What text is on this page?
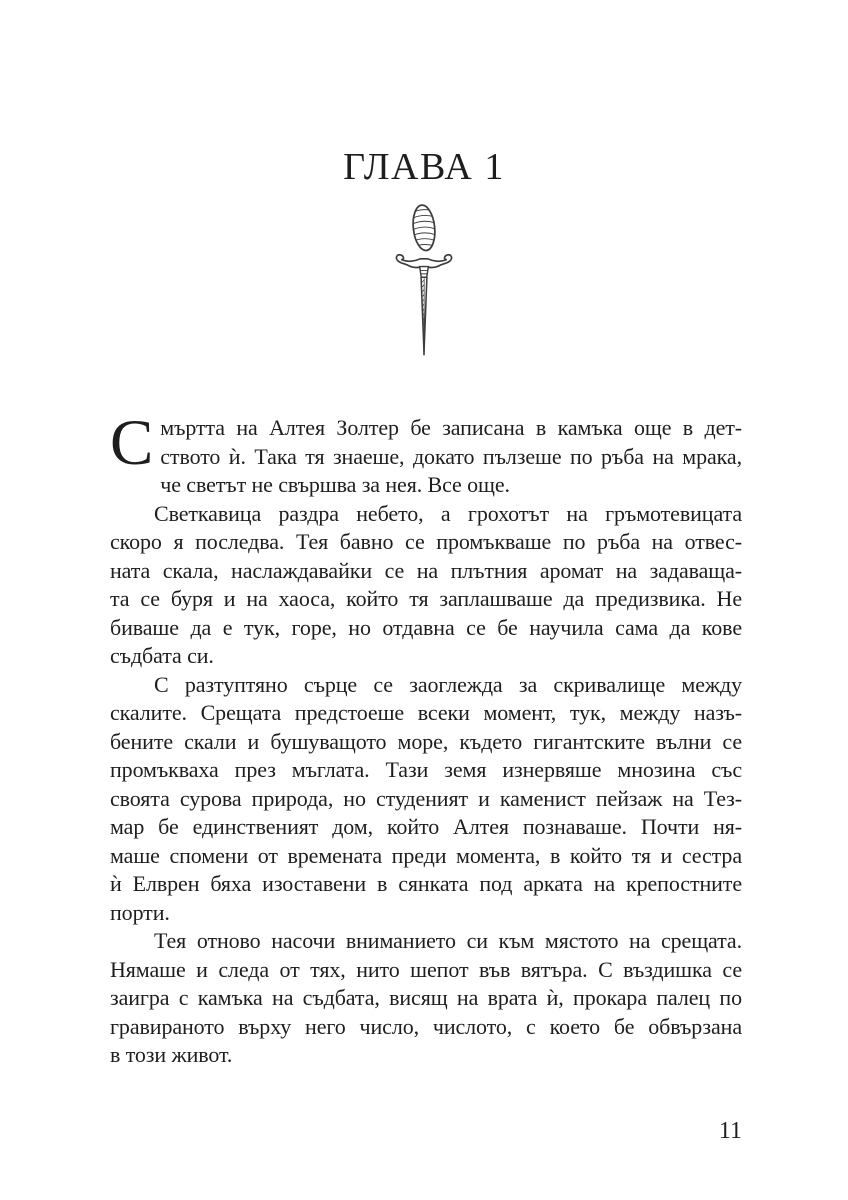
ГЛАВА 1
С мъртта на Алтея Золтер бе записана в камъка още в дет-
ството ѝ. Така тя знаеше, докато пълзеше по ръба на мрака,
че светът не свършва за нея. Все още.
Светкавица раздра небето, а грохотът на гръмотевицата
скоро я последва. Тея бавно се промъкваше по ръба на отвес-
ната скала, наслаждавайки се на плътния аромат на задаваща-
та се буря и на хаоса, който тя заплашваше да предизвика. Не
биваше да е тук, горе, но отдавна се бе научила сама да кове
съдбата си.
С разтуптяно сърце се заоглежда за скривалище между
скалите. Срещата предстоеше всеки момент, тук, между назъ-
бените скали и бушуващото море, където гигантските вълни се
промъкваха през мъглата. Тази земя изнервяше мнозина със
своята сурова природа, но студеният и каменист пейзаж на Тез-
мар бе единственият дом, който Алтея познаваше. Почти ня-
маше спомени от времената преди момента, в който тя и сестра
ѝ Елврен бяха изоставени в сянката под арката на крепостните
порти.
Тея отново насочи вниманието си към мястото на срещата.
Нямаше и следа от тях, нито шепот във вятъра. С въздишка се
заигра с камъка на съдбата, висящ на врата ѝ, прокара палец по
гравираното върху него число, числото, с което бе обвързана
в този живот.
11
